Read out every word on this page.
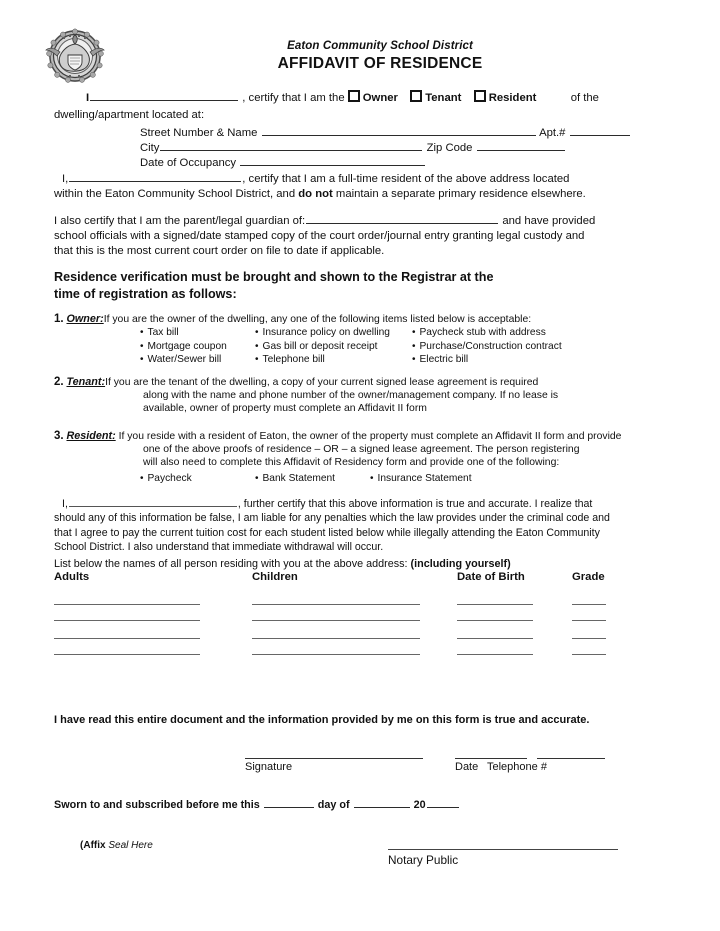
Eaton Community School District
AFFIDAVIT OF RESIDENCE
I	, certify that I am the Owner Tenant Resident	of the
dwelling/apartment located at:
Street Number & Name	Apt.#
City	Zip Code
Date of Occupancy
I,	, certify that I am a full-time resident of the above address located
within the Eaton Community School District, and do not maintain a separate primary residence elsewhere.
I also certify that I am the parent/legal guardian of:	and have provided
school officials with a signed/date stamped copy of the court order/journal entry granting legal custody and
that this is the most current court order on file to date if applicable.
Residence verification must be brought and shown to the Registrar at the
time of registration as follows:
1. Owner:If you are the owner of the dwelling, any one of the following items listed below is acceptable:
• Tax bill
• Mortgage coupon
• Water/Sewer bill
• Insurance policy on dwelling
• Gas bill or deposit receipt
• Telephone bill
• Paycheck stub with address
• Purchase/Construction contract
• Electric bill
2. Tenant:If you are the tenant of the dwelling, a copy of your current signed lease agreement is required
along with the name and phone number of the owner/management company. If no lease is
available, owner of property must complete an Affidavit II form
3. Resident: If you reside with a resident of Eaton, the owner of the property must complete an Affidavit II form and provide
one of the above proofs of residence – OR – a signed lease agreement. The person registering
will also need to complete this Affidavit of Residency form and provide one of the following:
• Paycheck	• Bank Statement	• Insurance Statement
I,	, further certify that this above information is true and accurate. I realize that
should any of this information be false, I am liable for any penalties which the law provides under the criminal code and
that I agree to pay the current tuition cost for each student listed below while illegally attending the Eaton Community
School District. I also understand that immediate withdrawal will occur.
List below the names of all person residing with you at the above address: (including yourself)
Adults	Children	Date of Birth	Grade
I have read this entire document and the information provided by me on this form is true and accurate.
Signature	Date Telephone #
Sworn to and subscribed before me this	day of	20
(Affix Seal Here
Notary Public
